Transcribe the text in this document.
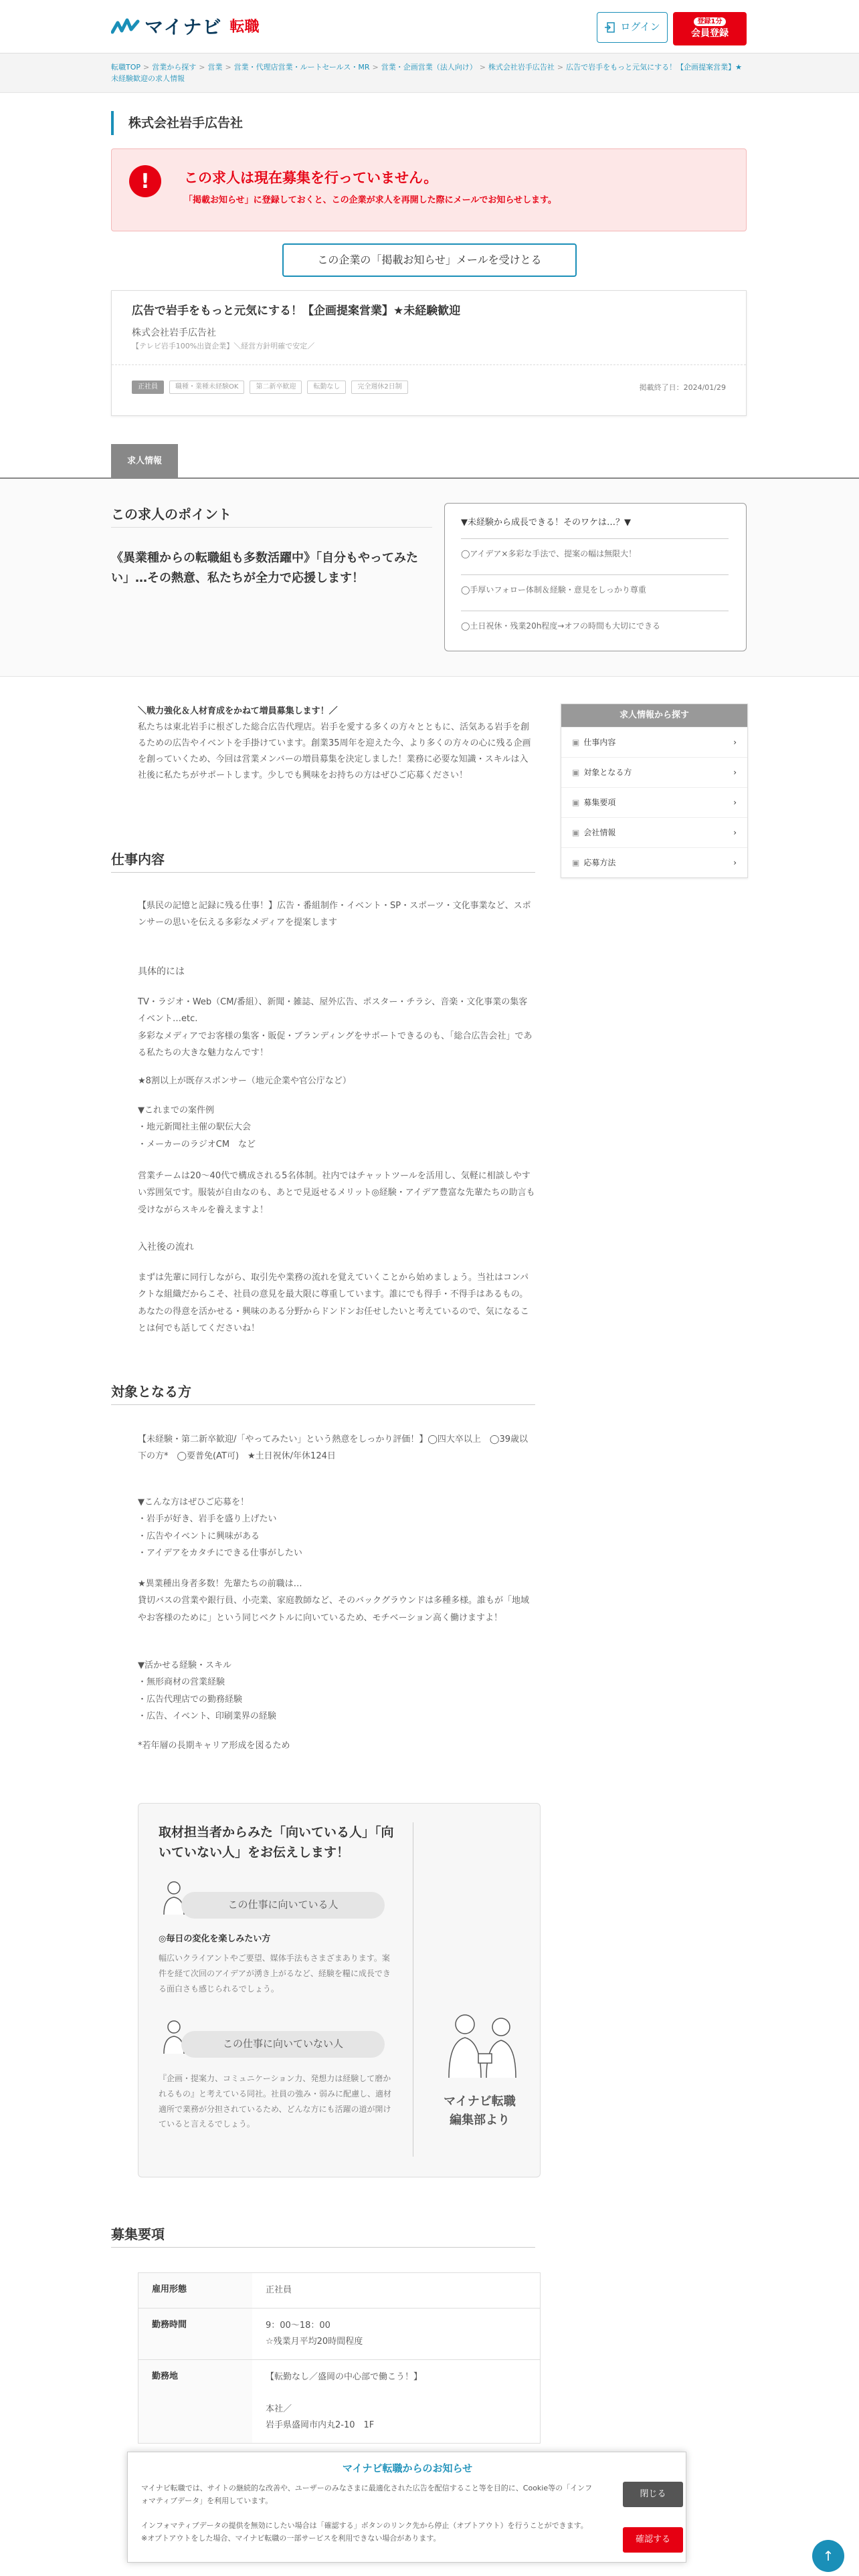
マイナビ 転職	ログイン	登録1分
会員登録
転職TOP > 営業から探す > 営業 > 営業・代理店営業・ルートセールス・MR > 営業・企画営業（法人向け） > 株式会社岩手広告社 > 広告で岩手をもっと元気にする！【企画提案営業】★未経験歓迎の求人情報
株式会社岩手広告社
!	この求人は現在募集を行っていません。
「掲載お知らせ」に登録しておくと、この企業が求人を再開した際にメールでお知らせします。
この企業の「掲載お知らせ」メールを受けとる
広告で岩手をもっと元気にする！【企画提案営業】★未経験歓迎
株式会社岩手広告社
【テレビ岩手100%出資企業】＼経営方針明確で安定／
正社員	職種・業種未経験OK	第二新卒歓迎	転勤なし	完全週休2日制	掲載終了日：2024/01/29
求人情報
この求人のポイント

《異業種からの転職組も多数活躍中》「自分もやってみたい」…その熱意、私たちが全力で応援します！

▼未経験から成長できる！そのワケは…？▼
◯アイデア×多彩な手法で、提案の幅は無限大！
◯手厚いフォロー体制＆経験・意見をしっかり尊重
◯土日祝休・残業20h程度→オフの時間も大切にできる
＼戦力強化＆人材育成をかねて増員募集します！／
私たちは東北岩手に根ざした総合広告代理店。岩手を愛する多くの方々とともに、活気ある岩手を創るための広告やイベントを手掛けています。創業35周年を迎えた今、より多くの方々の心に残る企画を創っていくため、今回は営業メンバーの増員募集を決定しました！業務に必要な知識・スキルは入社後に私たちがサポートします。少しでも興味をお持ちの方はぜひご応募ください！
求人情報から探す
▣ 仕事内容	›
▣ 対象となる方	›
▣ 募集要項	›
▣ 会社情報	›
▣ 応募方法	›
仕事内容

【県民の記憶と記録に残る仕事！】広告・番組制作・イベント・SP・スポーツ・文化事業など、スポンサーの思いを伝える多彩なメディアを提案します

具体的には

TV・ラジオ・Web（CM/番組）、新聞・雑誌、屋外広告、ポスター・チラシ、音楽・文化事業の集客イベント…etc.
多彩なメディアでお客様の集客・販促・ブランディングをサポートできるのも、「総合広告会社」である私たちの大きな魅力なんです！

★8割以上が既存スポンサー（地元企業や官公庁など）

▼これまでの案件例
・地元新聞社主催の駅伝大会
・メーカーのラジオCM　など

営業チームは20～40代で構成される5名体制。社内ではチャットツールを活用し、気軽に相談しやすい雰囲気です。服装が自由なのも、あとで見返せるメリット◎経験・アイデア豊富な先輩たちの助言も受けながらスキルを養えますよ！

入社後の流れ

まずは先輩に同行しながら、取引先や業務の流れを覚えていくことから始めましょう。当社はコンパクトな組織だからこそ、社員の意見を最大限に尊重しています。誰にでも得手・不得手はあるもの。あなたの得意を活かせる・興味のある分野からドンドンお任せしたいと考えているので、気になることは何でも話してくださいね！

対象となる方

【未経験・第二新卒歓迎/「やってみたい」という熱意をしっかり評価！】◯四大卒以上　◯39歳以下の方*　◯要普免(AT可)　★土日祝休/年休124日

▼こんな方はぜひご応募を！
・岩手が好き、岩手を盛り上げたい
・広告やイベントに興味がある
・アイデアをカタチにできる仕事がしたい

★異業種出身者多数！先輩たちの前職は…
貸切バスの営業や銀行員、小売業、家庭教師など、そのバックグラウンドは多種多様。誰もが「地域やお客様のために」という同じベクトルに向いているため、モチベーション高く働けますよ！

▼活かせる経験・スキル
・無形商材の営業経験
・広告代理店での勤務経験
・広告、イベント、印刷業界の経験

*若年層の長期キャリア形成を図るため

取材担当者からみた「向いている人」「向いていない人」をお伝えします！
この仕事に向いている人
◎毎日の変化を楽しみたい方

幅広いクライアントやご要望、媒体手法もさまざまあります。案件を経て次回のアイデアが湧き上がるなど、経験を糧に成長できる面白さも感じられるでしょう。

この仕事に向いていない人

『企画・提案力、コミュニケーション力、発想力は経験して磨かれるもの』と考えている同社。社員の強み・弱みに配慮し、適材適所で業務が分担されているため、どんな方にも活躍の道が開けていると言えるでしょう。

マイナビ転職
編集部より
募集要項
雇用形態	正社員
勤務時間	9：00〜18：00
☆残業月平均20時間程度
勤務地	【転勤なし／盛岡の中心部で働こう！】

本社／
岩手県盛岡市内丸2-10　1F
マイナビ転職からのお知らせ

マイナビ転職では、サイトの継続的な改善や、ユーザーのみなさまに最適化された広告を配信すること等を目的に、Cookie等の「インフォマティブデータ」を利用しています。

インフォマティブデータの提供を無効にしたい場合は「確認する」ボタンのリンク先から停止（オプトアウト）を行うことができます。
※オプトアウトをした場合、マイナビ転職の一部サービスを利用できない場合があります。

閉じる
確認する
↑
